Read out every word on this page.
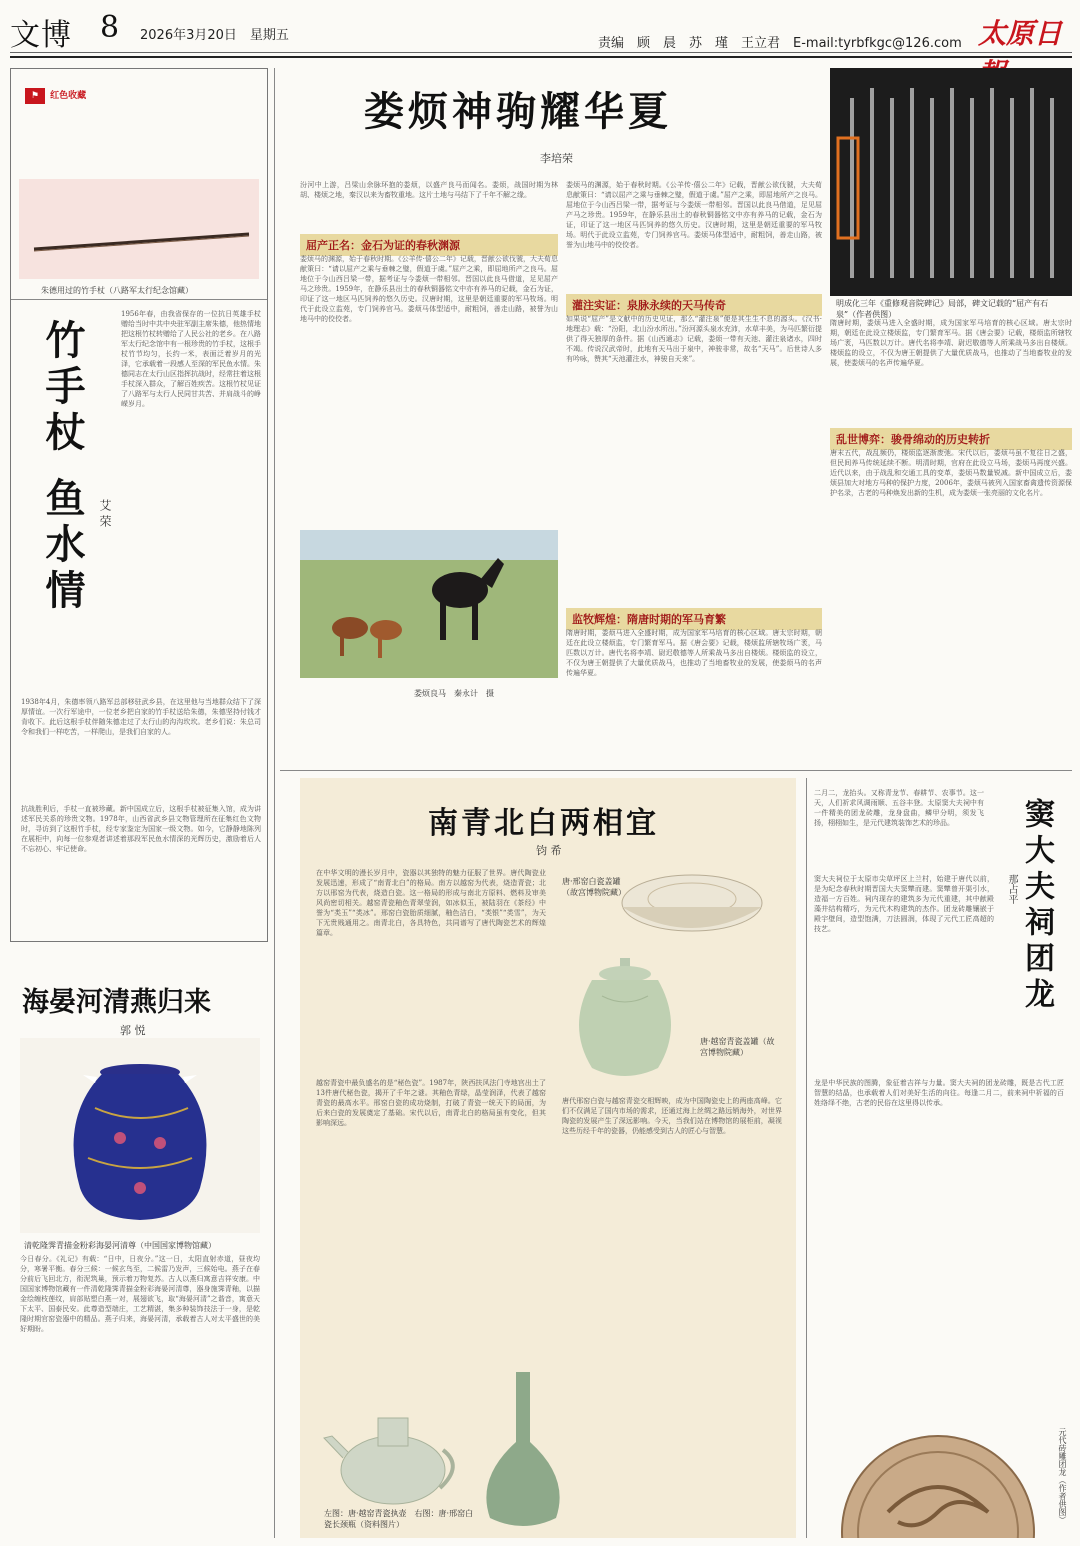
文博 8 2026年3月20日　星期五
责编　顾　晨　苏　瑾　王立君　E-mail:tyrbfkgc@126.com 太原日
⚑ 红色收藏
朱德用过的竹手杖（八路军太行纪念馆藏）
竹手杖 鱼水情 艾 荣
1956年春，由我省保存的一位抗日英雄手杖赠给当时中共中央驻军副主席朱德，他热情地把这根竹杖转赠给了人民公社的老乡。在八路军太行纪念馆中有一根珍贵的竹手杖，这根手杖竹节均匀，长约一米，表面泛着岁月的光泽，它承载着一段感人至深的军民鱼水情。朱德同志在太行山区指挥抗战时，经常拄着这根手杖深入群众，了解百姓疾苦。这根竹杖见证了八路军与太行人民同甘共苦、并肩战斗的峥嵘岁月。
1938年4月，朱德率领八路军总部移驻武乡县，在这里他与当地群众结下了深厚情谊。一次行军途中，一位老乡把自家的竹手杖送给朱德，朱德坚持付钱才肯收下。此后这根手杖伴随朱德走过了太行山的沟沟坎坎。老乡们说：朱总司令和我们一样吃苦，一样爬山，是我们自家的人。
抗战胜利后，手杖一直被珍藏。新中国成立后，这根手杖被征集入馆，成为讲述军民关系的珍贵文物。1978年，山西省武乡县文物管理所在征集红色文物时，寻访到了这根竹手杖，经专家鉴定为国家一级文物。如今，它静静地陈列在展柜中，向每一位参观者讲述着那段军民鱼水情深的光辉历史，激励着后人不忘初心、牢记使命。
海晏河清燕归来
郭 悦
清乾隆霁青描金粉彩海晏河清尊（中国国家博物馆藏）
今日春分。《礼记》有载：“日中，日夜分。”这一日，太阳直射赤道，昼夜均分，寒暑平衡。春分三候：一候玄鸟至，二候雷乃发声，三候始电。燕子在春分前后飞回北方，衔泥筑巢，预示着万物复苏。古人以燕归寓意吉祥安康。中国国家博物馆藏有一件清乾隆霁青描金粉彩海晏河清尊，器身施霁青釉，以描金绘缠枝莲纹，肩部贴塑白燕一对，展翅欲飞，取“海晏河清”之谐音，寓意天下太平、国泰民安。此尊造型端庄，工艺精湛，集多种装饰技法于一身，是乾隆时期官窑瓷器中的精品。燕子归来，海晏河清，承载着古人对太平盛世的美好期盼。
娄烦神驹耀华夏
李培荣
汾河中上游，吕梁山余脉环抱的娄烦，以盛产良马而闻名。娄烦，战国时期为林胡、楼烦之地，秦汉以来为畜牧重地。这片土地与马结下了千年不解之缘。
屈产正名：金石为证的春秋渊源
娄烦马的渊源，始于春秋时期。《公羊传·僖公二年》记载，晋献公欲伐虢，大夫荀息献策曰：“请以屈产之乘与垂棘之璧，假道于虞。”屈产之乘，即屈地所产之良马。屈地位于今山西吕梁一带，据考证与今娄烦一带相邻。晋国以此良马借道，足见屈产马之珍贵。1959年，在静乐县出土的春秋铜器铭文中亦有养马的记载，金石为证，印证了这一地区马匹饲养的悠久历史。汉唐时期，这里是朝廷重要的军马牧场。明代于此设立监苑，专门饲养官马。娄烦马体型适中，耐粗饲，善走山路，被誉为山地马中的佼佼者。
娄烦良马　秦永计　摄
娄烦马的渊源，始于春秋时期。《公羊传·僖公二年》记载，晋献公欲伐虢，大夫荀息献策曰：“请以屈产之乘与垂棘之璧，假道于虞。”屈产之乘，即屈地所产之良马。屈地位于今山西吕梁一带，据考证与今娄烦一带相邻。晋国以此良马借道，足见屈产马之珍贵。1959年，在静乐县出土的春秋铜器铭文中亦有养马的记载，金石为证，印证了这一地区马匹饲养的悠久历史。汉唐时期，这里是朝廷重要的军马牧场。明代于此设立监苑，专门饲养官马。娄烦马体型适中，耐粗饲，善走山路，被誉为山地马中的佼佼者。
灌注实证：泉脉永续的天马传奇
如果说“屈产”是文献中的历史见证，那么“灌注泉”便是其生生不息的源头。《汉书·地理志》载：“汾阳，北山汾水所出。”汾河源头泉水充沛，水草丰美，为马匹繁衍提供了得天独厚的条件。据《山西通志》记载，娄烦一带有天池、灌注泉诸水，四时不竭。传说汉武帝时，此地有天马出于泉中，神骏非常，故名“天马”。后世诗人多有吟咏，赞其“天池灌注水，神骏自天来”。
监牧辉煌：隋唐时期的军马育繁
隋唐时期，娄烦马进入全盛时期，成为国家军马培育的核心区域。唐太宗时期，朝廷在此设立楼烦监，专门繁育军马。据《唐会要》记载，楼烦监所辖牧场广袤，马匹数以万计。唐代名将李靖、尉迟敬德等人所乘战马多出自楼烦。楼烦监的设立，不仅为唐王朝提供了大量优质战马，也推动了当地畜牧业的发展，使娄烦马的名声传遍华夏。
明成化三年《重修观音院碑记》局部，碑文记载的“屈产有石泉”（作者供图）
隋唐时期，娄烦马进入全盛时期，成为国家军马培育的核心区域。唐太宗时期，朝廷在此设立楼烦监，专门繁育军马。据《唐会要》记载，楼烦监所辖牧场广袤，马匹数以万计。唐代名将李靖、尉迟敬德等人所乘战马多出自楼烦。楼烦监的设立，不仅为唐王朝提供了大量优质战马，也推动了当地畜牧业的发展，使娄烦马的名声传遍华夏。
乱世博弈：骏骨绵动的历史转折
唐末五代，战乱频仍，楼烦监逐渐废弛。宋代以后，娄烦马虽不复往日之盛，但民间养马传统延续不断。明清时期，官府在此设立马场，娄烦马再度兴盛。近代以来，由于战乱和交通工具的变革，娄烦马数量锐减。新中国成立后，娄烦县加大对地方马种的保护力度，2006年，娄烦马被列入国家畜禽遗传资源保护名录，古老的马种焕发出新的生机，成为娄烦一张亮丽的文化名片。
南青北白两相宜
钧 希
在中华文明的漫长岁月中，瓷器以其独特的魅力征服了世界。唐代陶瓷业发展迅速，形成了“南青北白”的格局。南方以越窑为代表，烧造青瓷；北方以邢窑为代表，烧造白瓷。这一格局的形成与南北方原料、燃料及审美风尚密切相关。越窑青瓷釉色青翠莹润，如冰似玉，被陆羽在《茶经》中誉为“类玉”“类冰”。邢窑白瓷胎质细腻，釉色洁白，“类银”“类雪”，为天下无贵贱通用之。南青北白，各具特色，共同谱写了唐代陶瓷艺术的辉煌篇章。
越窑青瓷中最负盛名的是“秘色瓷”。1987年，陕西扶风法门寺地宫出土了13件唐代秘色瓷，揭开了千年之谜。其釉色青绿，晶莹润泽，代表了越窑青瓷的最高水平。邢窑白瓷的成功烧制，打破了青瓷一统天下的局面，为后来白瓷的发展奠定了基础。宋代以后，南青北白的格局虽有变化，但其影响深远。
唐·邢窑白瓷盖罐（故宫博物院藏）
唐·越窑青瓷盖罐（故宫博物院藏）
唐代邢窑白瓷与越窑青瓷交相辉映，成为中国陶瓷史上的两座高峰。它们不仅满足了国内市场的需求，还通过海上丝绸之路远销海外，对世界陶瓷的发展产生了深远影响。今天，当我们站在博物馆的展柜前，凝视这些历经千年的瓷器，仍能感受到古人的匠心与智慧。
左图：唐·越窑青瓷执壶　右图：唐·邢窑白瓷长颈瓶（资料图片）
二月二，龙抬头。又称青龙节、春耕节、农事节。这一天，人们祈求风调雨顺、五谷丰登。太原窦大夫祠中有一件精美的团龙砖雕，龙身盘曲，鳞甲分明，须发飞扬，栩栩如生，是元代建筑装饰艺术的珍品。	窦大夫祠团龙
那占平
窦大夫祠位于太原市尖草坪区上兰村，始建于唐代以前，是为纪念春秋时期晋国大夫窦犨而建。窦犨曾开渠引水，造福一方百姓。祠内现存的建筑多为元代重建，其中献殿藻井结构精巧，为元代木构建筑的杰作。团龙砖雕镶嵌于殿宇壁间，造型饱满，刀法圆润，体现了元代工匠高超的技艺。
龙是中华民族的图腾，象征着吉祥与力量。窦大夫祠的团龙砖雕，既是古代工匠智慧的结晶，也承载着人们对美好生活的向往。每逢二月二，前来祠中祈福的百姓络绎不绝，古老的民俗在这里得以传承。
元代砖雕团龙（作者供图）
